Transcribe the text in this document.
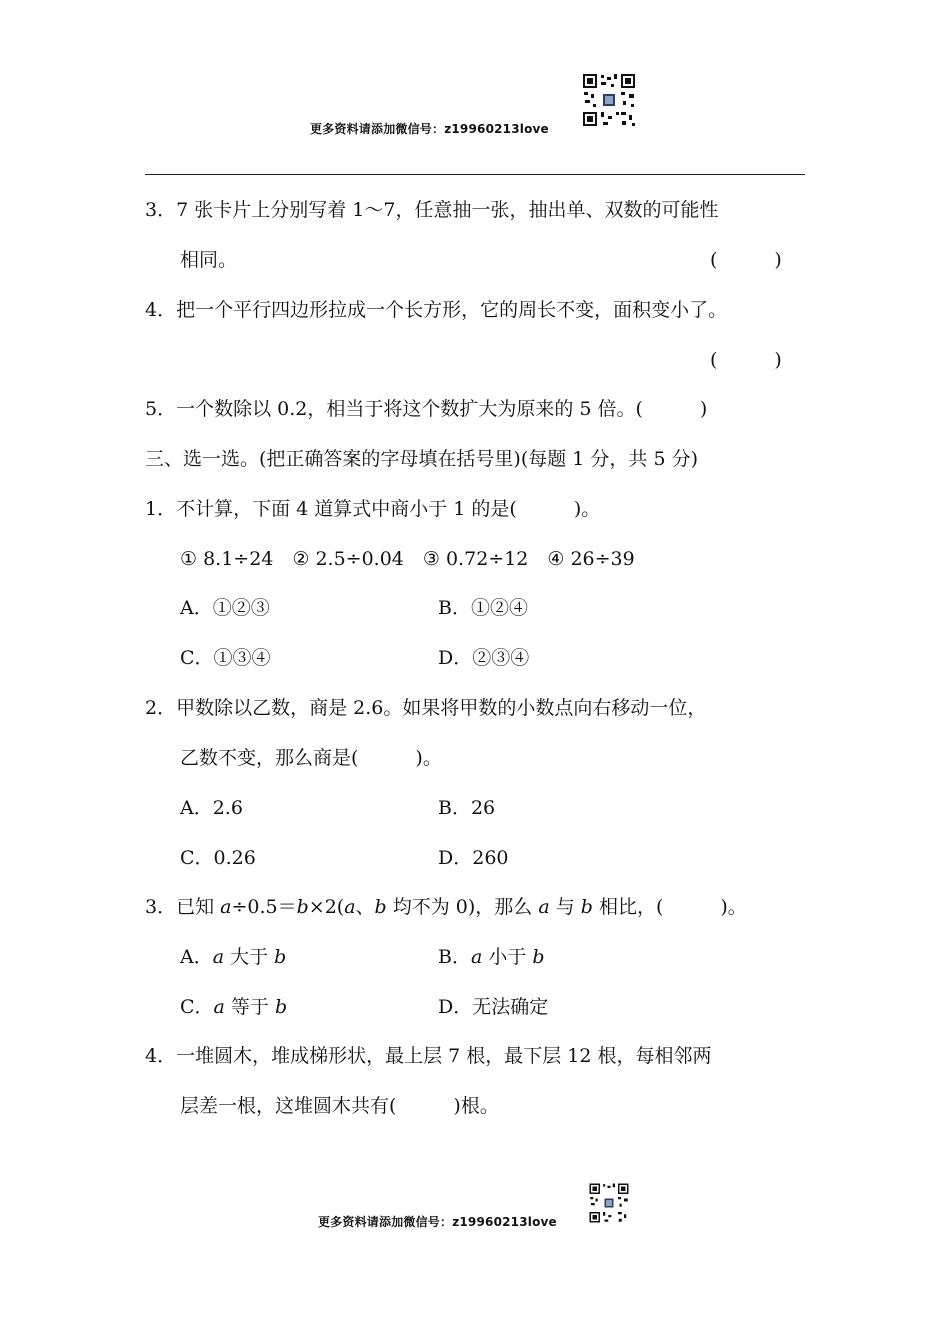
更多资料请添加微信号：z19960213love
3．7 张卡片上分别写着 1～7，任意抽一张，抽出单、双数的可能性
相同。	(　　　)
4．把一个平行四边形拉成一个长方形，它的周长不变，面积变小了。
(　　　)
5．一个数除以 0.2，相当于将这个数扩大为原来的 5 倍。(　　　)
三、选一选。(把正确答案的字母填在括号里)(每题 1 分，共 5 分)
1．不计算，下面 4 道算式中商小于 1 的是(　　　)。
① 8.1÷24　② 2.5÷0.04　③ 0.72÷12　④ 26÷39
A．①②③	B．①②④
C．①③④	D．②③④
2．甲数除以乙数，商是 2.6。如果将甲数的小数点向右移动一位，
乙数不变，那么商是(　　　)。
A．2.6	B．26
C．0.26	D．260
3．已知 a÷0.5＝b×2(a、b 均不为 0)，那么 a 与 b 相比，(　　　)。
A．a 大于 b	B．a 小于 b
C．a 等于 b	D．无法确定
4．一堆圆木，堆成梯形状，最上层 7 根，最下层 12 根，每相邻两
层差一根，这堆圆木共有(　　　)根。
更多资料请添加微信号：z19960213love
